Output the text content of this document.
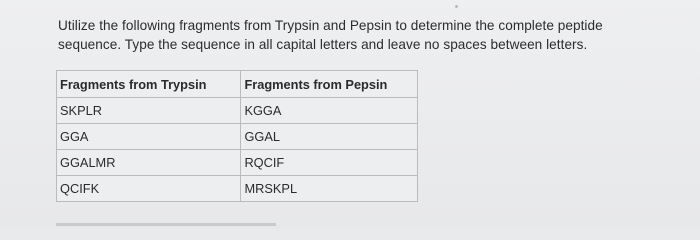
Utilize the following fragments from Trypsin and Pepsin to determine the complete peptide
sequence. Type the sequence in all capital letters and leave no spaces between letters.
Fragments from Trypsin	Fragments from Pepsin
SKPLR	KGGA
GGA	GGAL
GGALMR	RQCIF
QCIFK	MRSKPL
